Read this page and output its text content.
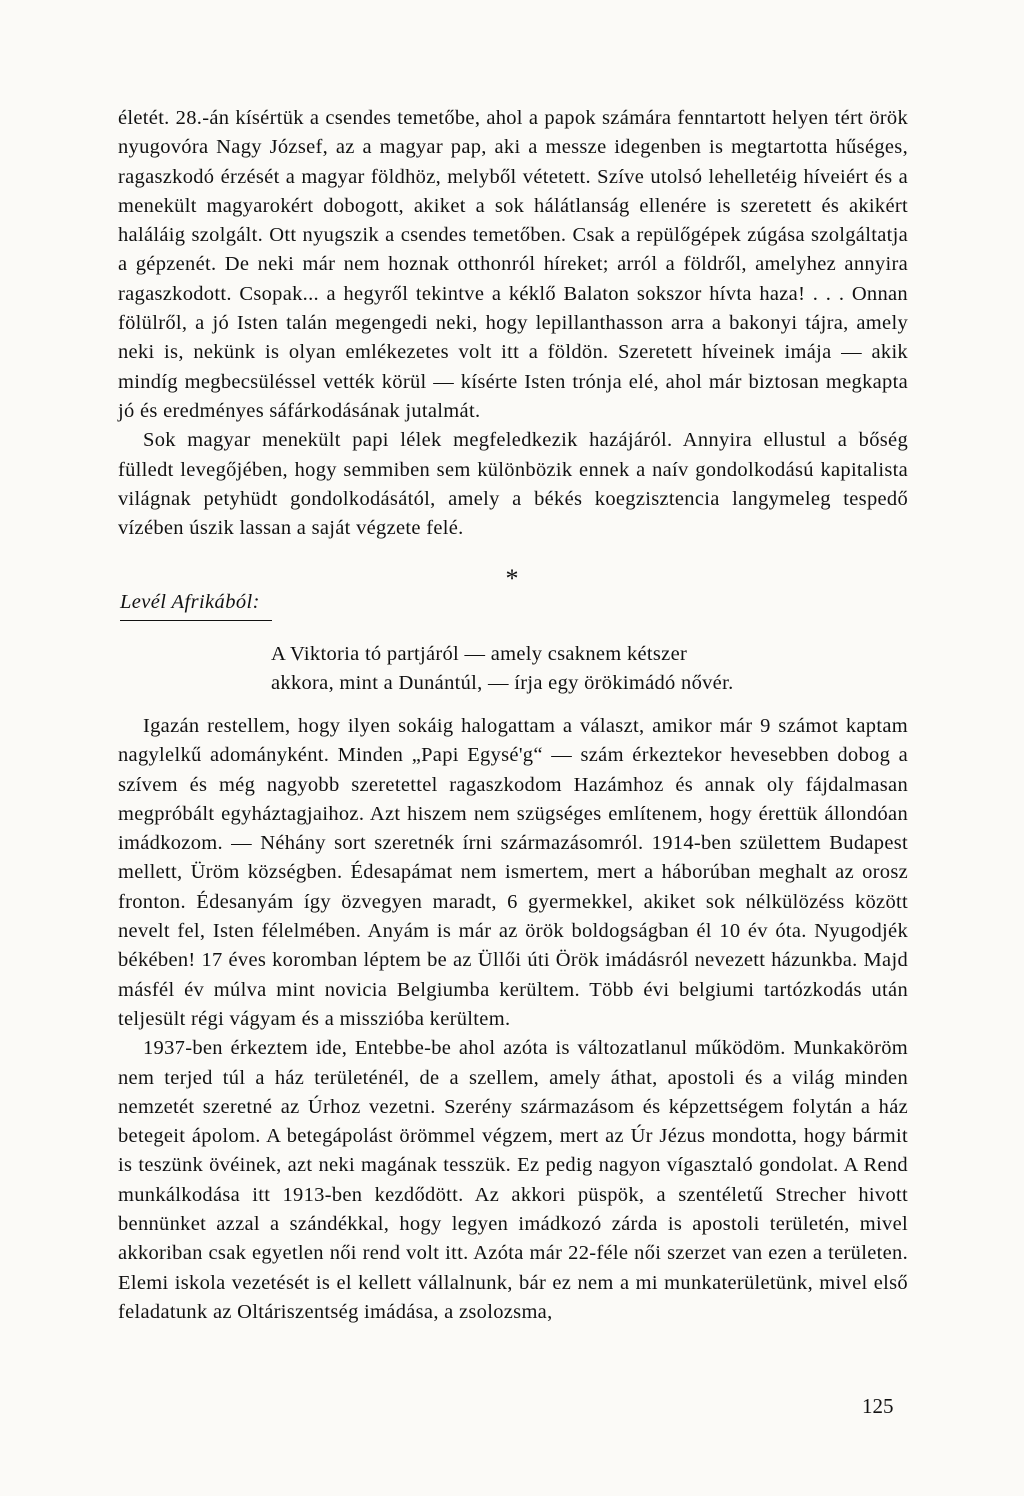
életét. 28.-án kísértük a csendes temetőbe, ahol a papok számára fenntartott helyen tért örök nyugovóra Nagy József, az a magyar pap, aki a messze idegenben is megtartotta hűséges, ragaszkodó érzését a magyar földhöz, melyből vétetett. Szíve utolsó lehelletéig híveiért és a menekült magyarokért dobogott, akiket a sok hálátlanság ellenére is szeretett és akikért haláláig szolgált. Ott nyugszik a csendes temetőben. Csak a repülőgépek zúgása szolgáltatja a gépzenét. De neki már nem hoznak otthonról híreket; arról a földről, amelyhez annyira ragaszkodott. Csopak... a hegyről tekintve a kéklő Balaton sokszor hívta haza! . . . Onnan fölülről, a jó Isten talán megengedi neki, hogy lepillanthasson arra a bakonyi tájra, amely neki is, nekünk is olyan emlékezetes volt itt a földön. Szeretett híveinek imája — akik mindíg megbecsüléssel vették körül — kísérte Isten trónja elé, ahol már biztosan megkapta jó és eredményes sáfárkodásának jutalmát.

Sok magyar menekült papi lélek megfeledkezik hazájáról. Annyira ellustul a bőség fülledt levegőjében, hogy semmiben sem különbözik ennek a naív gondolkodású kapitalista világnak petyhüdt gondolkodásától, amely a békés koegzisztencia langymeleg tespedő vízében úszik lassan a saját végzete felé.

*
Levél Afrikából:
A Viktoria tó partjáról — amely csaknem kétszer
akkora, mint a Dunántúl, — írja egy örökimádó nővér.

Igazán restellem, hogy ilyen sokáig halogattam a választ, amikor már 9 számot kaptam nagylelkű adományként. Minden „Papi Egysé'g“ — szám érkeztekor hevesebben dobog a szívem és még nagyobb szeretettel ragaszkodom Hazámhoz és annak oly fájdalmasan megpróbált egyháztagjaihoz. Azt hiszem nem szügséges említenem, hogy érettük állondóan imádkozom. — Néhány sort szeretnék írni származásomról. 1914-ben születtem Budapest mellett, Üröm községben. Édesapámat nem ismertem, mert a háborúban meghalt az orosz fronton. Édesanyám így özvegyen maradt, 6 gyermekkel, akiket sok nélkülözéss között nevelt fel, Isten félelmében. Anyám is már az örök boldogságban él 10 év óta. Nyugodjék békében! 17 éves koromban léptem be az Üllői úti Örök imádásról nevezett házunkba. Majd másfél év múlva mint novicia Belgiumba kerültem. Több évi belgiumi tartózkodás után teljesült régi vágyam és a misszióba kerültem.

1937-ben érkeztem ide, Entebbe-be ahol azóta is változatlanul működöm. Munkaköröm nem terjed túl a ház területénél, de a szellem, amely áthat, apostoli és a világ minden nemzetét szeretné az Úrhoz vezetni. Szerény származásom és képzettségem folytán a ház betegeit ápolom. A betegápolást örömmel végzem, mert az Úr Jézus mondotta, hogy bármit is teszünk övéinek, azt neki magának tesszük. Ez pedig nagyon vígasztaló gondolat. A Rend munkálkodása itt 1913-ben kezdődött. Az akkori püspök, a szentéletű Strecher hivott bennünket azzal a szándékkal, hogy legyen imádkozó zárda is apostoli területén, mivel akkoriban csak egyetlen női rend volt itt. Azóta már 22-féle női szerzet van ezen a területen. Elemi iskola vezetését is el kellett vállalnunk, bár ez nem a mi munkaterületünk, mivel első feladatunk az Oltáriszentség imádása, a zsolozsma,

125
